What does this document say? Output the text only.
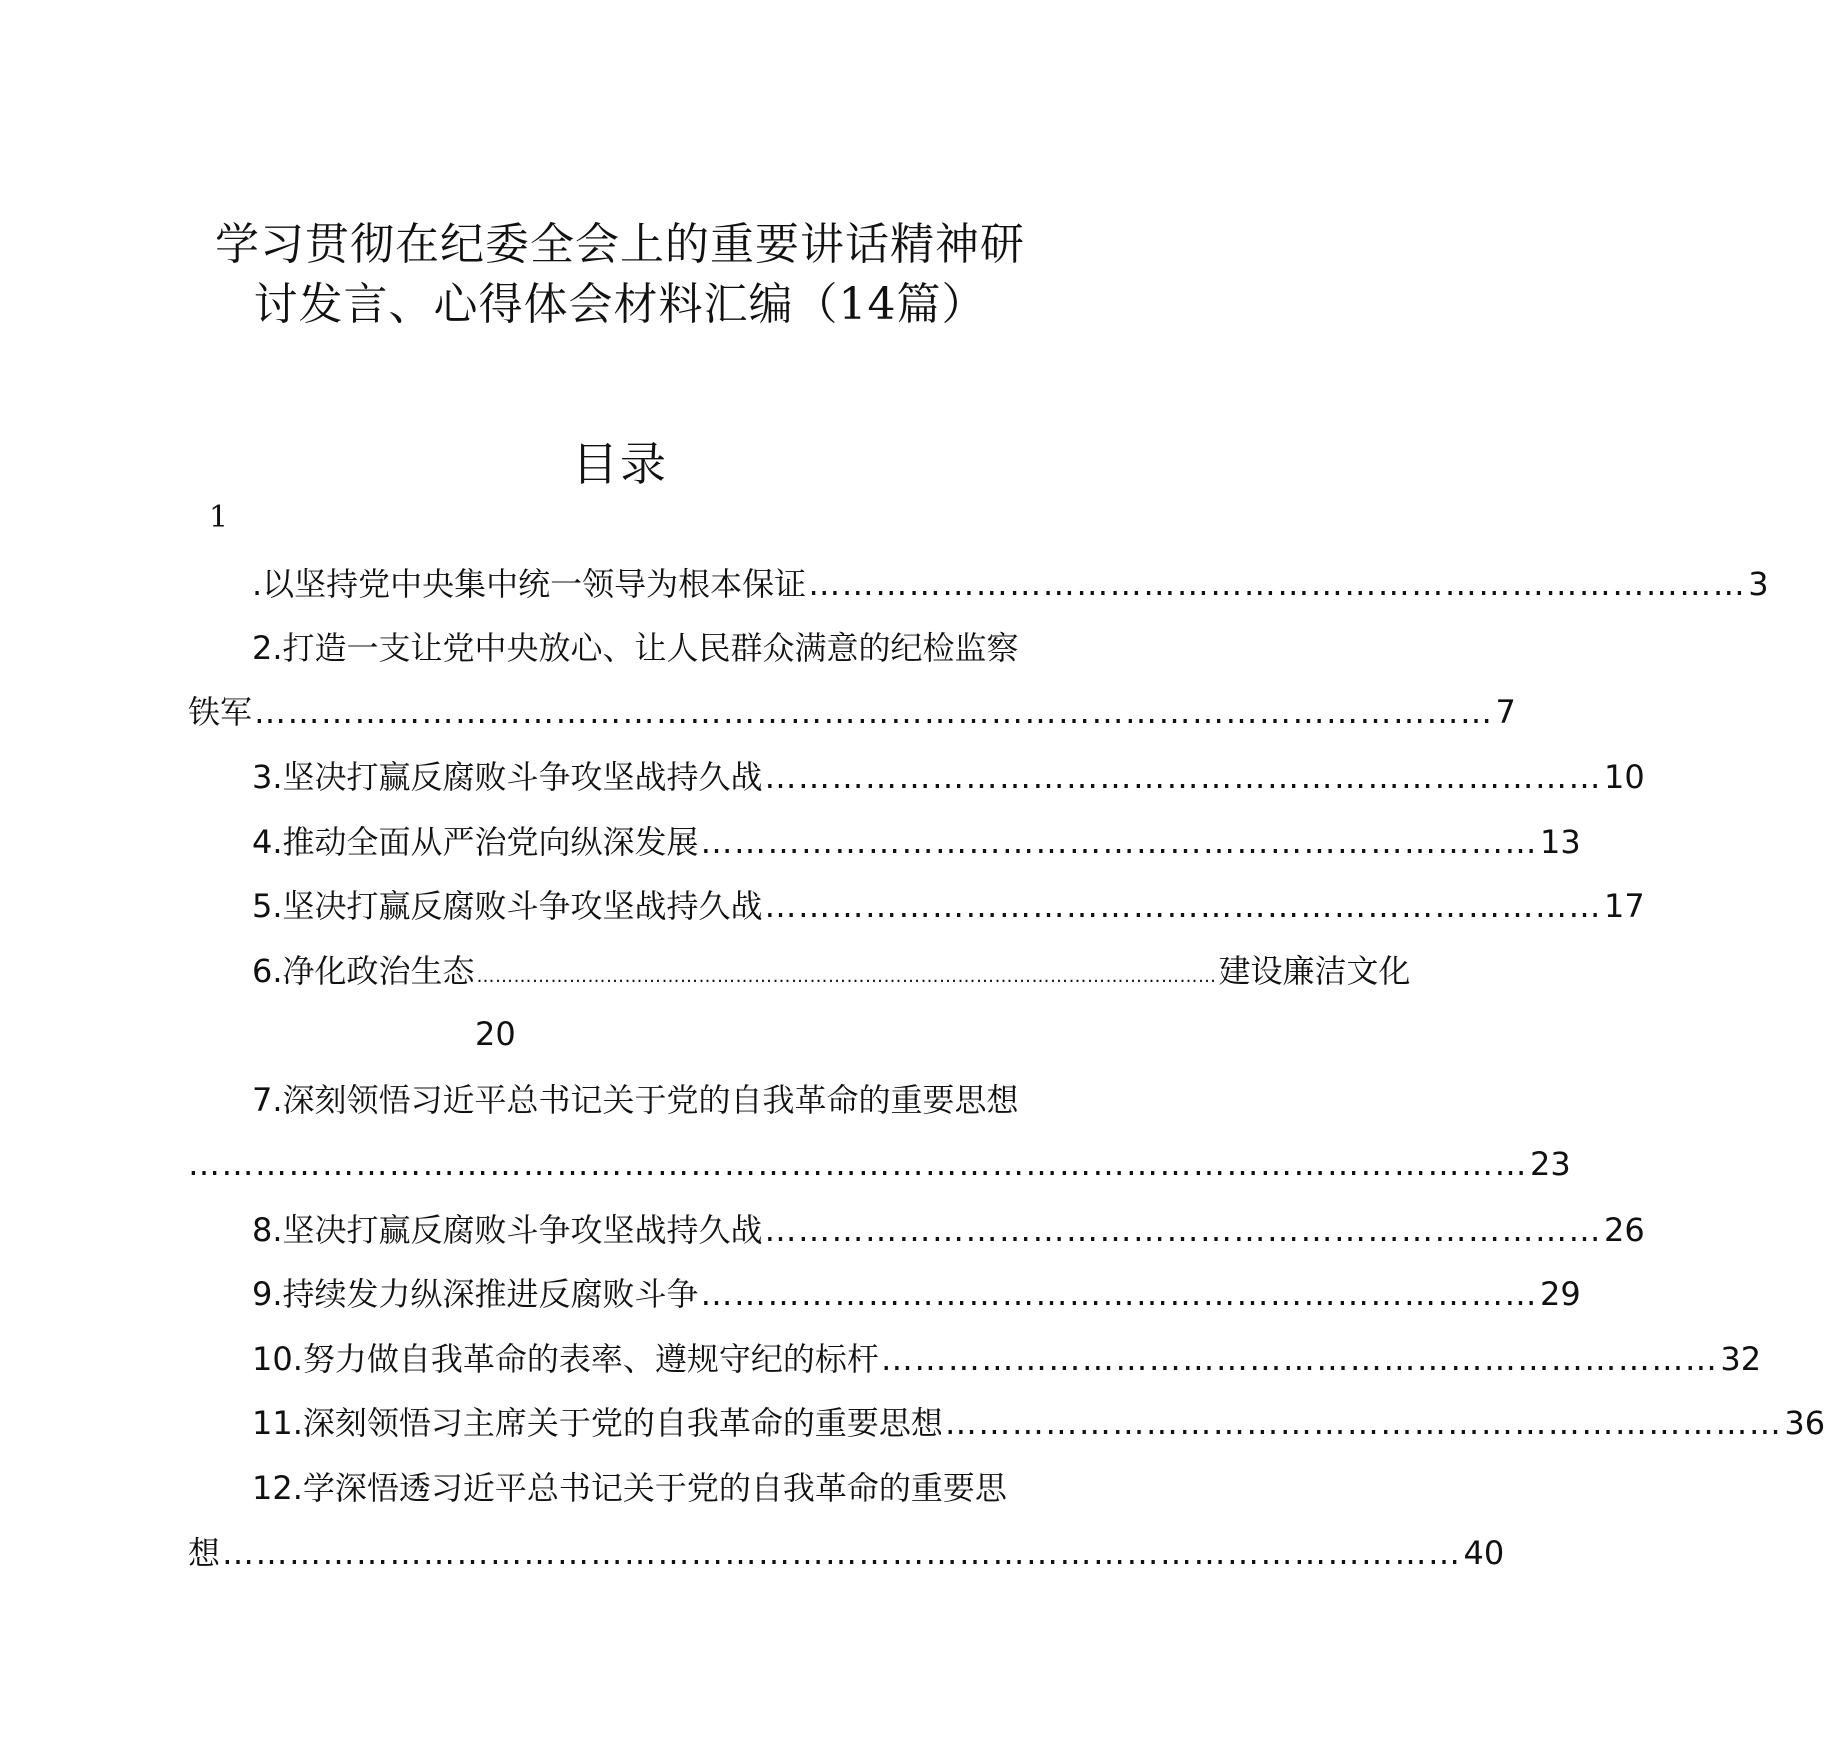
学习贯彻在纪委全会上的重要讲话精神研
讨发言、心得体会材料汇编（14篇）
目录
1
.以坚持党中央集中统一领导为根本保证 ………………………………………………………………………… 3
2.打造一支让党中央放心、让人民群众满意的纪检监察
铁军 ………………………………………………………………………………………………… 7
3.坚决打赢反腐败斗争攻坚战持久战 ………………………………………………………………… 10
4.推动全面从严治党向纵深发展 ………………………………………………………………… 13
5.坚决打赢反腐败斗争攻坚战持久战 ………………………………………………………………… 17
6.净化政治生态 ………………………………………………………………………………………………………… 建设廉洁文化
20
7.深刻领悟习近平总书记关于党的自我革命的重要思想
………………………………………………………………………………………………………… 23
8.坚决打赢反腐败斗争攻坚战持久战 ………………………………………………………………… 26
9.持续发力纵深推进反腐败斗争 ………………………………………………………………… 29
10.努力做自我革命的表率、遵规守纪的标杆 ………………………………………………………………… 32
11.深刻领悟习主席关于党的自我革命的重要思想 ………………………………………………………………… 36
12.学深悟透习近平总书记关于党的自我革命的重要思
想 ………………………………………………………………………………………………… 40
